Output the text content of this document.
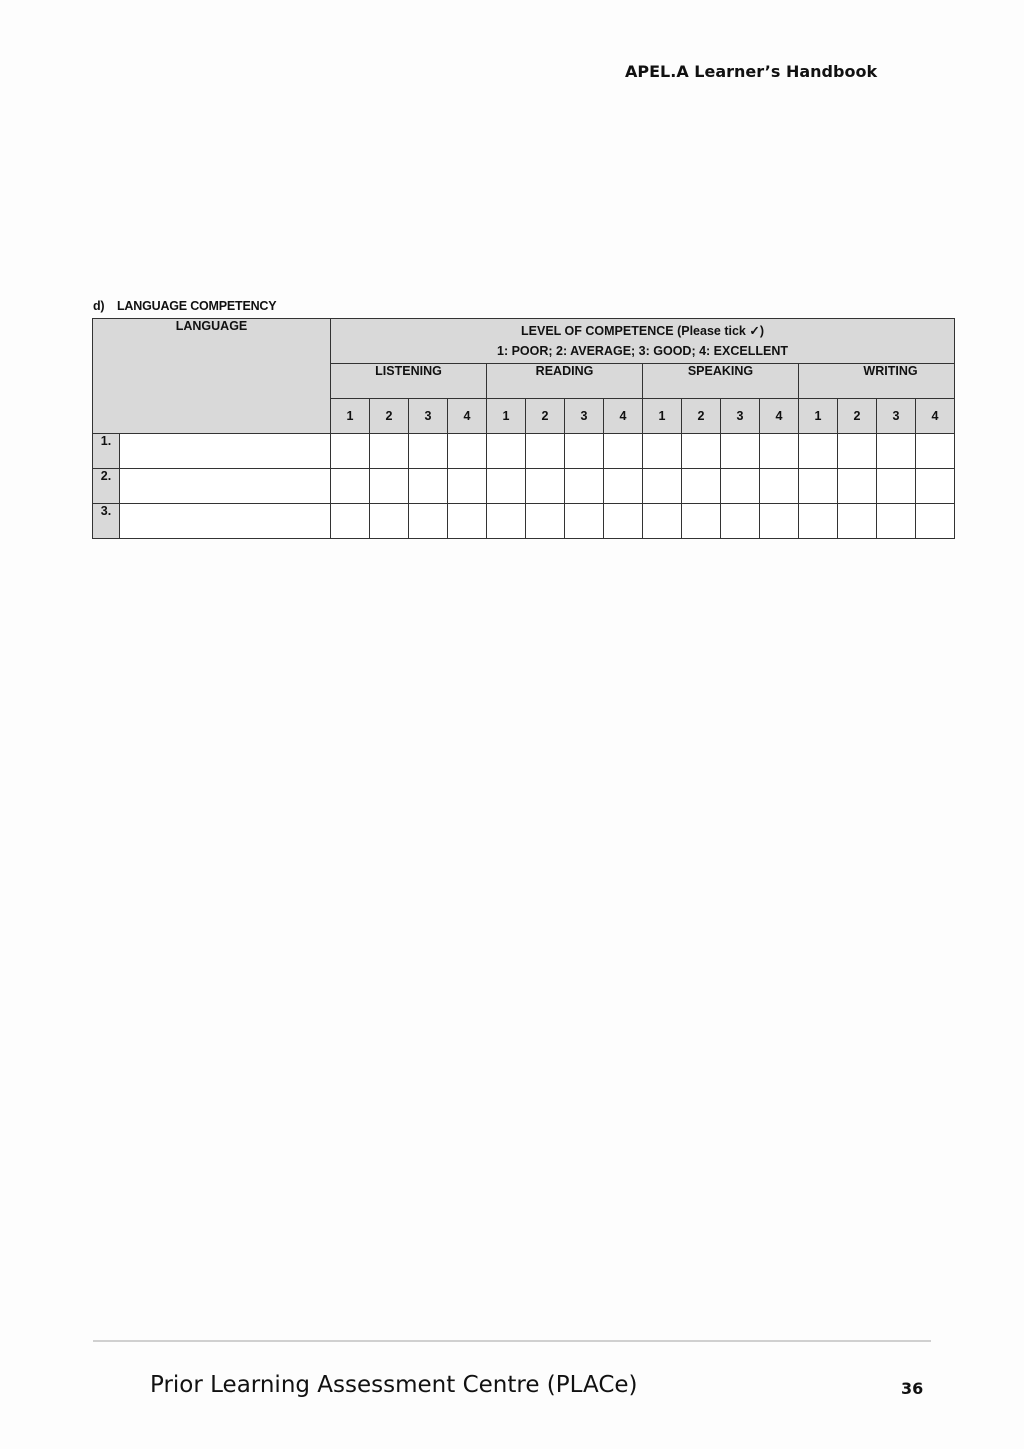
APEL.A Learner’s Handbook
d) LANGUAGE COMPETENCY
LANGUAGE		LEVEL OF COMPETENCE (Please tick ✓)
1: POOR; 2: AVERAGE; 3: GOOD; 4: EXCELLENT															

		LISTENING				READING				SPEAKING				WRITING			
		1	2	3	4	1	2	3	4	1	2	3	4	1	2	3	4
1.																	
2.																	
3.																	
Prior Learning Assessment Centre (PLACe)	36
